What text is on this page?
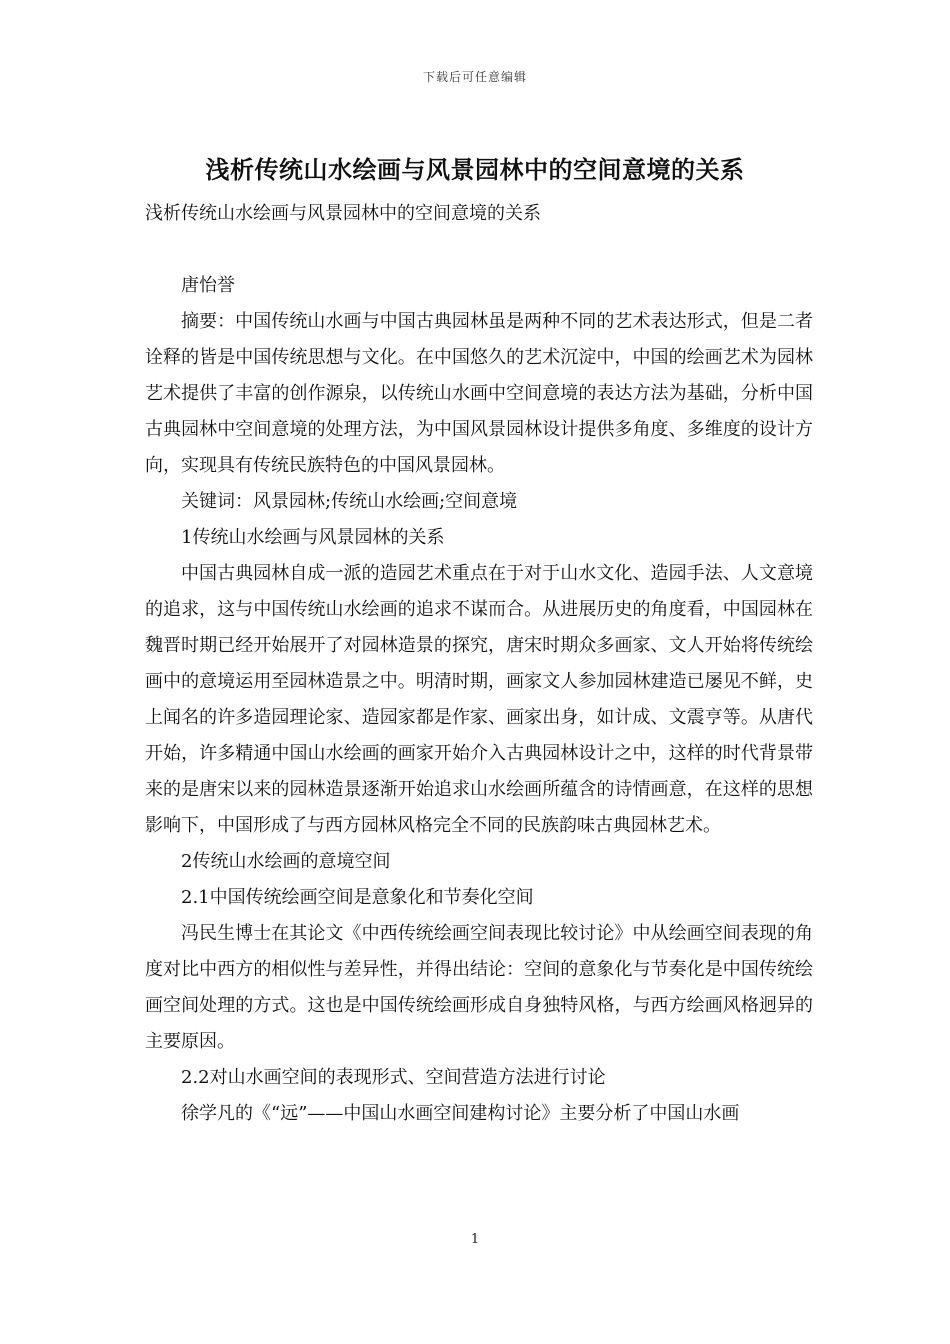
下载后可任意编辑
浅析传统山水绘画与风景园林中的空间意境的关系

浅析传统山水绘画与风景园林中的空间意境的关系

唐怡誉

摘要：中国传统山水画与中国古典园林虽是两种不同的艺术表达形式，但是二者诠释的皆是中国传统思想与文化。在中国悠久的艺术沉淀中，中国的绘画艺术为园林艺术提供了丰富的创作源泉，以传统山水画中空间意境的表达方法为基础，分析中国古典园林中空间意境的处理方法，为中国风景园林设计提供多角度、多维度的设计方向，实现具有传统民族特色的中国风景园林。

关键词：风景园林;传统山水绘画;空间意境

1传统山水绘画与风景园林的关系

中国古典园林自成一派的造园艺术重点在于对于山水文化、造园手法、人文意境的追求，这与中国传统山水绘画的追求不谋而合。从进展历史的角度看，中国园林在魏晋时期已经开始展开了对园林造景的探究，唐宋时期众多画家、文人开始将传统绘画中的意境运用至园林造景之中。明清时期，画家文人参加园林建造已屡见不鲜，史上闻名的许多造园理论家、造园家都是作家、画家出身，如计成、文震亨等。从唐代开始，许多精通中国山水绘画的画家开始介入古典园林设计之中，这样的时代背景带来的是唐宋以来的园林造景逐渐开始追求山水绘画所蕴含的诗情画意，在这样的思想影响下，中国形成了与西方园林风格完全不同的民族韵味古典园林艺术。

2传统山水绘画的意境空间

2.1中国传统绘画空间是意象化和节奏化空间

冯民生博士在其论文《中西传统绘画空间表现比较讨论》中从绘画空间表现的角度对比中西方的相似性与差异性，并得出结论：空间的意象化与节奏化是中国传统绘画空间处理的方式。这也是中国传统绘画形成自身独特风格，与西方绘画风格迥异的主要原因。

2.2对山水画空间的表现形式、空间营造方法进行讨论

徐学凡的《“远”——中国山水画空间建构讨论》主要分析了中国山水画

1
